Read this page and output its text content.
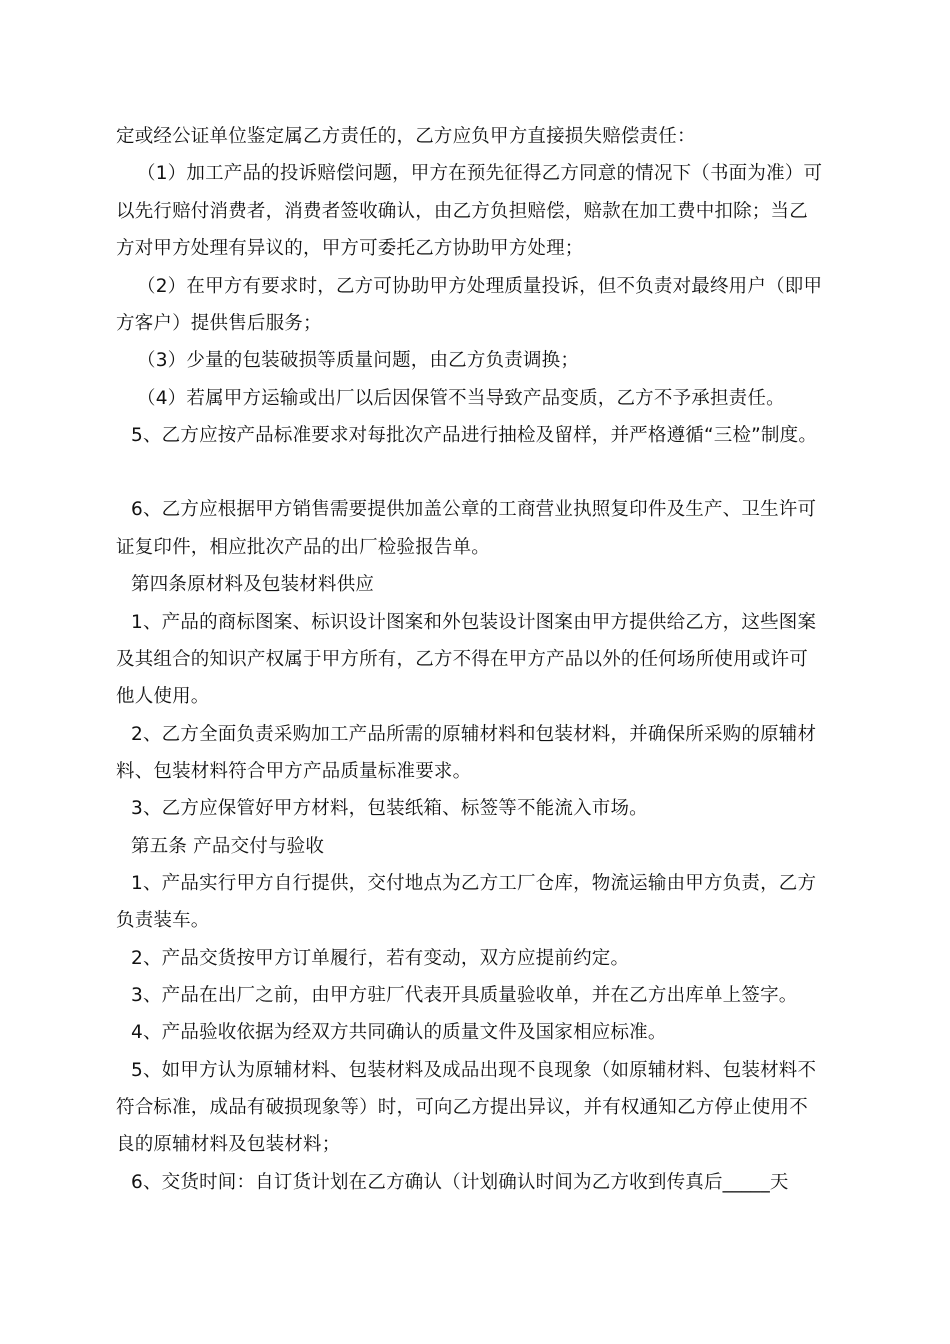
定或经公证单位鉴定属乙方责任的，乙方应负甲方直接损失赔偿责任：
（1）加工产品的投诉赔偿问题，甲方在预先征得乙方同意的情况下（书面为准）可
以先行赔付消费者，消费者签收确认，由乙方负担赔偿，赔款在加工费中扣除；当乙
方对甲方处理有异议的，甲方可委托乙方协助甲方处理；
（2）在甲方有要求时，乙方可协助甲方处理质量投诉，但不负责对最终用户（即甲
方客户）提供售后服务；
（3）少量的包装破损等质量问题，由乙方负责调换；
（4）若属甲方运输或出厂以后因保管不当导致产品变质，乙方不予承担责任。
5、乙方应按产品标准要求对每批次产品进行抽检及留样，并严格遵循“三检”制度。
6、乙方应根据甲方销售需要提供加盖公章的工商营业执照复印件及生产、卫生许可
证复印件，相应批次产品的出厂检验报告单。
第四条原材料及包装材料供应
1、产品的商标图案、标识设计图案和外包装设计图案由甲方提供给乙方，这些图案
及其组合的知识产权属于甲方所有，乙方不得在甲方产品以外的任何场所使用或许可
他人使用。
2、乙方全面负责采购加工产品所需的原辅材料和包装材料，并确保所采购的原辅材
料、包装材料符合甲方产品质量标准要求。
3、乙方应保管好甲方材料，包装纸箱、标签等不能流入市场。
第五条 产品交付与验收
1、产品实行甲方自行提供，交付地点为乙方工厂仓库，物流运输由甲方负责，乙方
负责装车。
2、产品交货按甲方订单履行，若有变动，双方应提前约定。
3、产品在出厂之前，由甲方驻厂代表开具质量验收单，并在乙方出库单上签字。
4、产品验收依据为经双方共同确认的质量文件及国家相应标准。
5、如甲方认为原辅材料、包装材料及成品出现不良现象（如原辅材料、包装材料不
符合标准，成品有破损现象等）时，可向乙方提出异议，并有权通知乙方停止使用不
良的原辅材料及包装材料；
6、交货时间：自订货计划在乙方确认（计划确认时间为乙方收到传真后_____天
